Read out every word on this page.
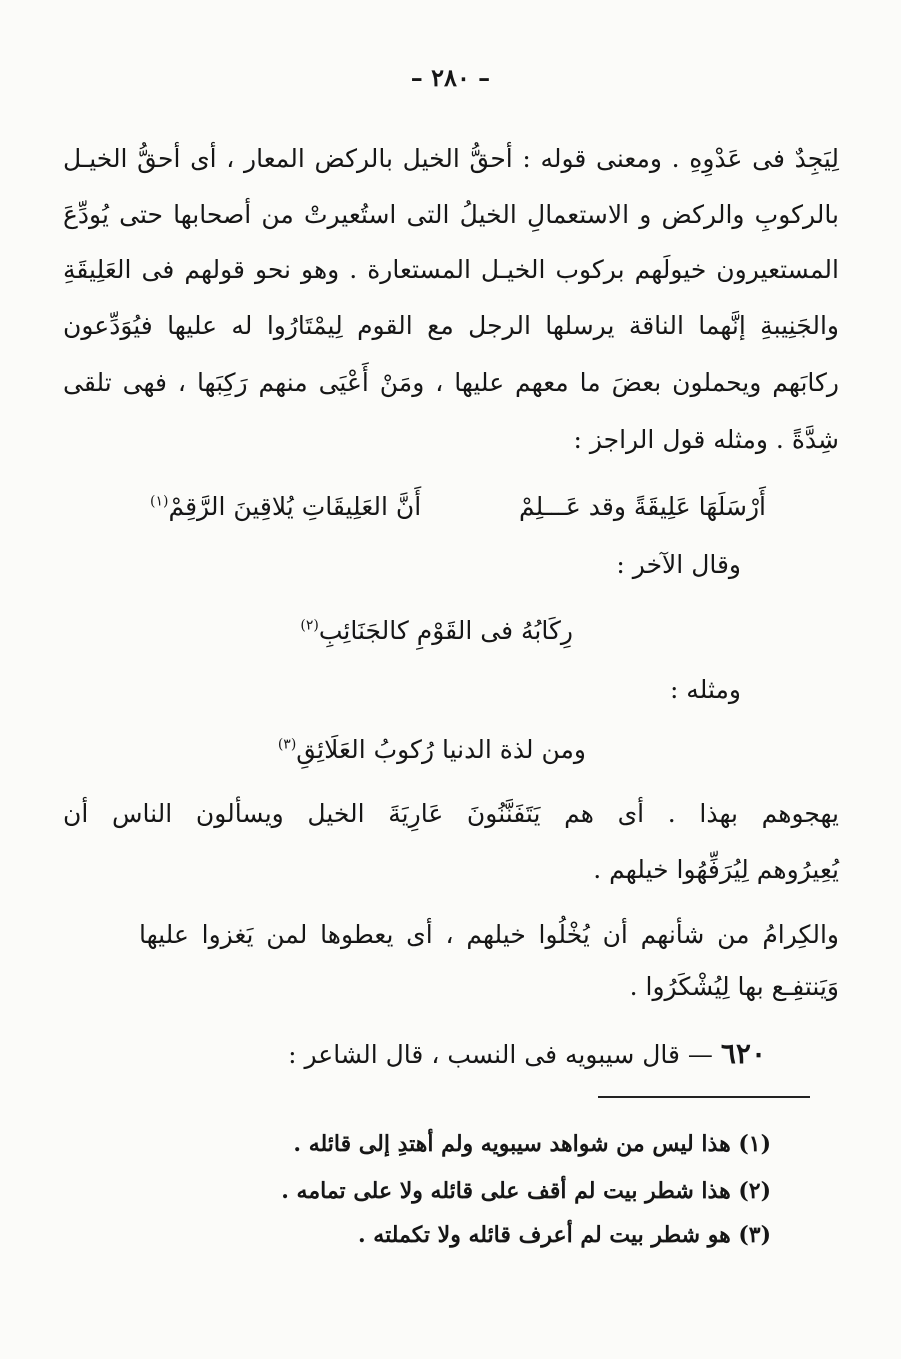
– ٢٨٠ –
لِيَجِدٌ فى عَدْوِهِ . ومعنى قوله : أحقُّ الخيل بالركض المعار ، أى أحقُّ الخيـل
بالركوبِ والركض و الاستعمالِ الخيلُ التى استُعيرتْ من أصحابها حتى يُودِّعَ
المستعيرون خيولَهم بركوب الخيـل المستعارة . وهو نحو قولهم فى العَلِيقَةِ
والجَنِيبةِ إنَّهما الناقة يرسلها الرجل مع القوم لِيمْتَارُوا له عليها فيُوَدِّعون
ركابَهم ويحملون بعضَ ما معهم عليها ، ومَنْ أَعْيَى منهم رَكِبَها ، فهى تلقى
شِدَّةً . ومثله قول الراجز :
أَرْسَلَهَا عَلِيقَةً وقد عَـــلِمْ
أَنَّ العَلِيقَاتِ يُلاقِينَ الرَّقِمْ$^{(١)}$
وقال الآخر :
رِكَابُهُ فى القَوْمِ كالجَنَائِبِ$^{(٢)}$
ومثله :
ومن لذة الدنيا رُكوبُ العَلَائِقِ$^{(٣)}$
يهجوهم بهذا . أى هم يَتَفَنَّنُونَ عَارِيَةَ الخيل ويسألون الناس أن
يُعِيرُوهم لِيُرَفِّهُوا خيلهم .
والكِرامُ من شأنهم أن يُخْلُوا خيلهم ، أى يعطوها لمن يَغزوا عليها
وَيَنتفِـع بها لِيُشْكَرُوا .
٦٢٠ — قال سيبويه فى النسب ، قال الشاعر :
(١) هذا ليس من شواهد سيبويه ولم أهتدِ إلى قائله .
(٢) هذا شطر بيت لم أقف على قائله ولا على تمامه .
(٣) هو شطر بيت لم أعرف قائله ولا تكملته .
